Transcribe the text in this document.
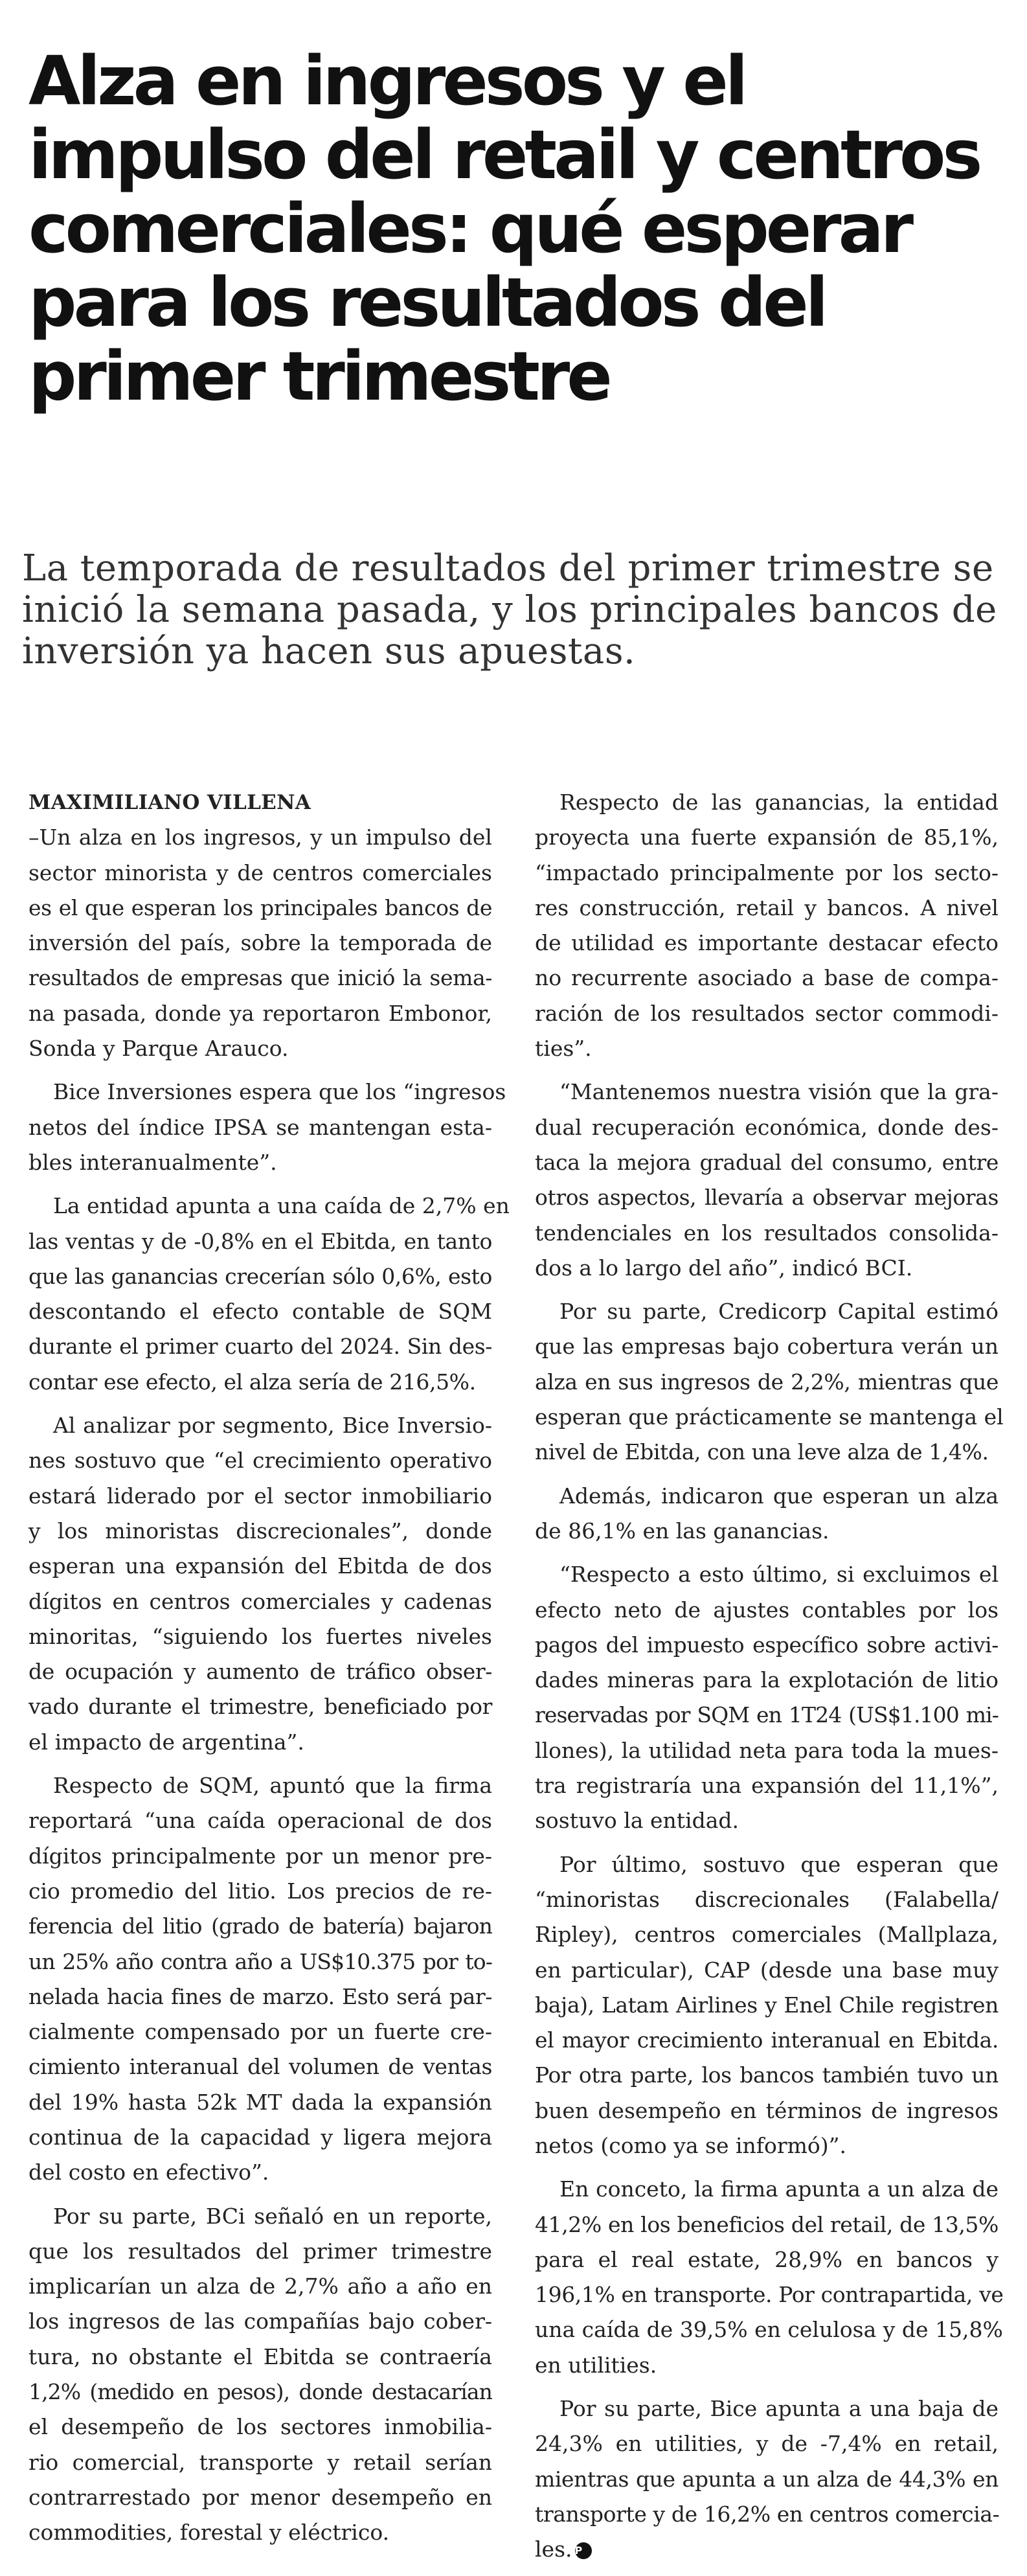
Alza en ingresos y el
impulso del retail y centros
comerciales: qué esperar
para los resultados del
primer trimestre

La temporada de resultados del primer trimestre se
inició la semana pasada, y los principales bancos de
inversión ya hacen sus apuestas.

MAXIMILIANO VILLENA
–Un alza en los ingresos, y un impulso del
sector minorista y de centros comerciales
es el que esperan los principales bancos de
inversión del país, sobre la temporada de
resultados de empresas que inició la sema-
na pasada, donde ya reportaron Embonor,
Sonda y Parque Arauco.
Bice Inversiones espera que los “ingresos
netos del índice IPSA se mantengan esta-
bles interanualmente”.
La entidad apunta a una caída de 2,7% en
las ventas y de -0,8% en el Ebitda, en tanto
que las ganancias crecerían sólo 0,6%, esto
descontando el efecto contable de SQM
durante el primer cuarto del 2024. Sin des-
contar ese efecto, el alza sería de 216,5%.
Al analizar por segmento, Bice Inversio-
nes sostuvo que “el crecimiento operativo
estará liderado por el sector inmobiliario
y los minoristas discrecionales”, donde
esperan una expansión del Ebitda de dos
dígitos en centros comerciales y cadenas
minoritas, “siguiendo los fuertes niveles
de ocupación y aumento de tráfico obser-
vado durante el trimestre, beneficiado por
el impacto de argentina”.
Respecto de SQM, apuntó que la firma
reportará “una caída operacional de dos
dígitos principalmente por un menor pre-
cio promedio del litio. Los precios de re-
ferencia del litio (grado de batería) bajaron
un 25% año contra año a US$10.375 por to-
nelada hacia fines de marzo. Esto será par-
cialmente compensado por un fuerte cre-
cimiento interanual del volumen de ventas
del 19% hasta 52k MT dada la expansión
continua de la capacidad y ligera mejora
del costo en efectivo”.
Por su parte, BCi señaló en un reporte,
que los resultados del primer trimestre
implicarían un alza de 2,7% año a año en
los ingresos de las compañías bajo cober-
tura, no obstante el Ebitda se contraería
1,2% (medido en pesos), donde destacarían
el desempeño de los sectores inmobilia-
rio comercial, transporte y retail serían
contrarrestado por menor desempeño en
commodities, forestal y eléctrico.
Respecto de las ganancias, la entidad
proyecta una fuerte expansión de 85,1%,
“impactado principalmente por los secto-
res construcción, retail y bancos. A nivel
de utilidad es importante destacar efecto
no recurrente asociado a base de compa-
ración de los resultados sector commodi-
ties”.
“Mantenemos nuestra visión que la gra-
dual recuperación económica, donde des-
taca la mejora gradual del consumo, entre
otros aspectos, llevaría a observar mejoras
tendenciales en los resultados consolida-
dos a lo largo del año”, indicó BCI.
Por su parte, Credicorp Capital estimó
que las empresas bajo cobertura verán un
alza en sus ingresos de 2,2%, mientras que
esperan que prácticamente se mantenga el
nivel de Ebitda, con una leve alza de 1,4%.
Además, indicaron que esperan un alza
de 86,1% en las ganancias.
“Respecto a esto último, si excluimos el
efecto neto de ajustes contables por los
pagos del impuesto específico sobre activi-
dades mineras para la explotación de litio
reservadas por SQM en 1T24 (US$1.100 mi-
llones), la utilidad neta para toda la mues-
tra registraría una expansión del 11,1%”,
sostuvo la entidad.
Por último, sostuvo que esperan que
“minoristas discrecionales (Falabella/
Ripley), centros comerciales (Mallplaza,
en particular), CAP (desde una base muy
baja), Latam Airlines y Enel Chile registren
el mayor crecimiento interanual en Ebitda.
Por otra parte, los bancos también tuvo un
buen desempeño en términos de ingresos
netos (como ya se informó)”.
En conceto, la firma apunta a un alza de
41,2% en los beneficios del retail, de 13,5%
para el real estate, 28,9% en bancos y
196,1% en transporte. Por contrapartida, ve
una caída de 39,5% en celulosa y de 15,8%
en utilities.
Por su parte, Bice apunta a una baja de
24,3% en utilities, y de -7,4% en retail,
mientras que apunta a un alza de 44,3% en
transporte y de 16,2% en centros comercia-
les. P
